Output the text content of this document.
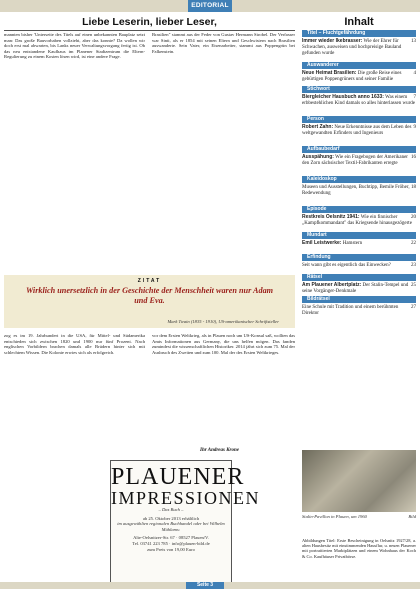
EDITORIAL
Liebe Leserin, lieber Leser,

mannten bisher 'Unterseite des Titels auf einen unbekannten Bauplatz setzt man: Das große Bauvorhaben vollzieht, aber das konnte? Da wollen wir doch erst mal abwarten, bis Lanks neuer Verwaltungsvorgang fertig ist. Ob das neu entstandene Kaufhaus im Planener Stadtzentrum die Eltern-Regulierung zu einem Kosten lösen wird, ist eine andere Frage.

Brasilien" stammt aus der Feder von Gustav Hermann Strobel. Der Verfasser war Sinti, als er 1854 mit seinen Eltern und Geschwistern nach Brasilien auswanderte. Sein Vater, ein Eisenarbeiter, stammt aus Poppengrün bei Falkenstein.

ZITAT
Wirklich unersetzlich in der Geschichte der Menschheit waren nur Adam und Eva.
Mark Twain (1835 - 1910), US-amerikanischer Schriftsteller

zog es im 19. Jahrhundert in die USA, für Mittel- und Südamerika entschieden sich zwischen 1820 und 1900 nur fünf Prozent. Nach englischen Vorbildern brachen damals alle Brüdern hinter sich mit schlechtem Wissen. Die Kolonie erwies sich als erfolgreich.

vor dem Ersten Weltkrieg, als in Plauen noch um US-Konsul saß, wollten das Amts Informationen aus Germany, die uns helfen mögen. Das fanden zumindest die wissenschaftlichen Historiker. 2014 jährt sich zum 75. Mal der Ausbruch des Zweiten und zum 100. Mal der des Ersten Weltkrieges.

Ihr Andreas Krone
PLAUENER
IMPRESSIONEN
– Das Buch –
ab 25. Oktober 2013 erhältlich
im ausgewählten regionalen Buchhandel oder bei Wilhelm Mühlams:
Alte-Oelsnitzer-Str. 67 · 08527 Plauen/V.
Tel. 03741 223 785 · info@plauen-bild.de
zum Preis von 19,00 Euro
Inhalt
Titel – Fluchtgefährdung
13
Immer wieder Ikebrasser: Wie der Ehrer für Schwachen, ausweisen und hochpreisige Bauland gefunden wurde
Auswanderer
4
Neue Heimat Brasilien: Die große Reise eines gebürtigen Poppengrüners und seiner Familie
Stichwort
7
Biergleicher Hausbuch anno 1633: Was einem erbbestehlichen Kind damals so alles hinterlassen wurde
Person
9
Robert Zahn: Neue Erkenntnisse aus dem Leben des weltgewandten Erfinders und Ingenieurs
Aufbaubedarf
16
Ausspähung: Wie ein Fragebogen der Amerikaner den Zorn sächsischer Textil-Fabrikanten erregte
Kaleidoskop
18
Museen und Ausstellungen, Buchtipp, Bemile Fröher, Redewendung
Episode
20
Restkreis Oelsnitz 1941: Wie ein finnischer „Kampfkommandant" das Kriegsende hinausgezögerte
Mundart
22
Emil Leistwerke: Hamstern
Erfindung
23
Seit wann gibt es eigentlich das Einwecken?
Rätsel
25
Am Plauener Albertplatz: Der Stalin-Tempel und seine Vorgänger-Denkmale
Bildrätsel
27
Eine Schule mit Tradition und einem berühmten Direktor
Stalin-Pavillon in Plauen, um 1960	Bild
Abbildungen Titel: Erste Bescheinigung in Oelsnitz 1927/28, a. alten Hausbesitz mit einstimmenden Hausflur, u. neuen Plauener mit portraitierten Marktplätzen und einem Wohnhaus der Koch & Co. Kaufhäuser Privatbörse.
Seite 3
